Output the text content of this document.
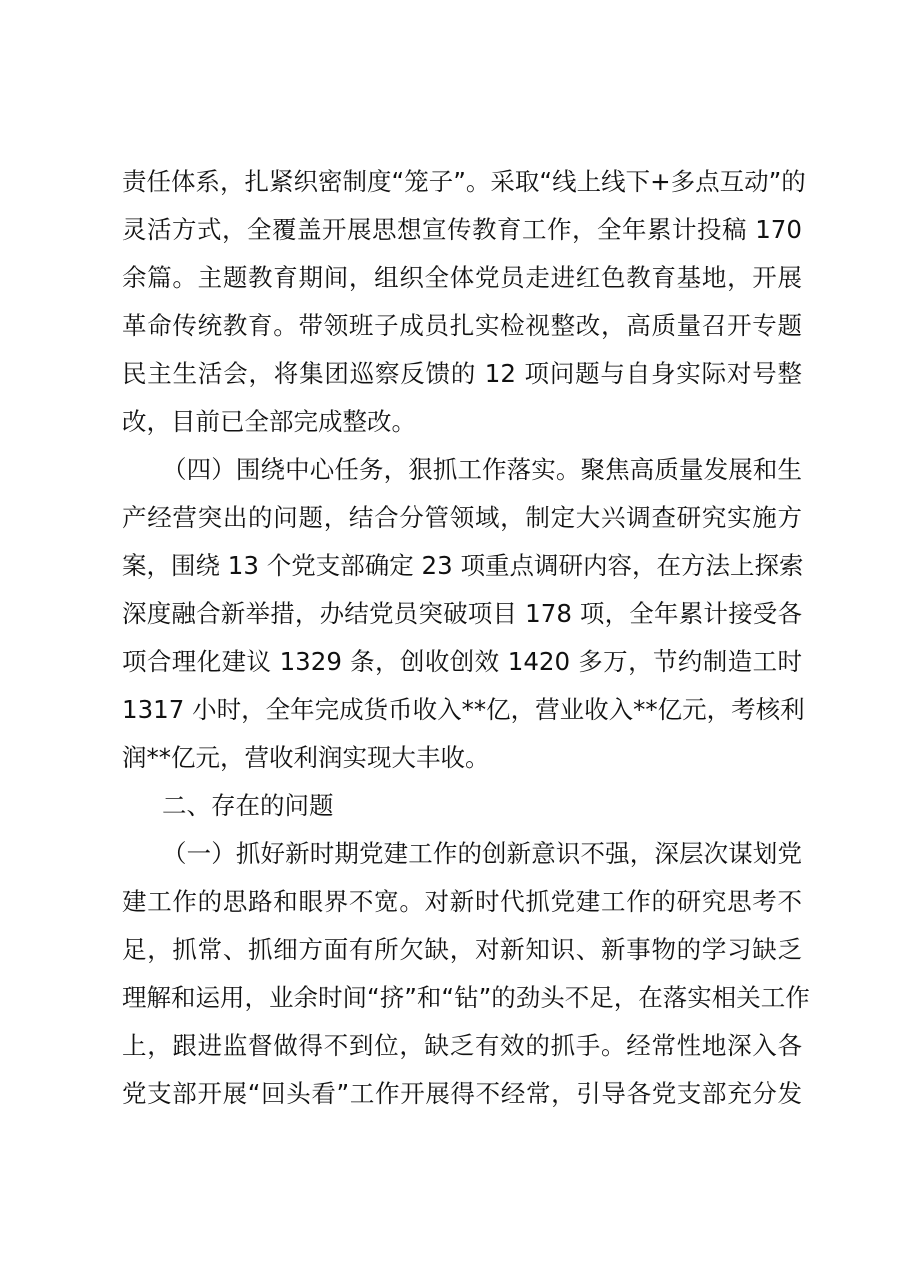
责任体系，扎紧织密制度“笼子”。采取“线上线下+多点互动”的
灵活方式，全覆盖开展思想宣传教育工作，全年累计投稿 170
余篇。主题教育期间，组织全体党员走进红色教育基地，开展
革命传统教育。带领班子成员扎实检视整改，高质量召开专题
民主生活会，将集团巡察反馈的 12 项问题与自身实际对号整
改，目前已全部完成整改。
（四）围绕中心任务，狠抓工作落实。聚焦高质量发展和生
产经营突出的问题，结合分管领域，制定大兴调查研究实施方
案，围绕 13 个党支部确定 23 项重点调研内容，在方法上探索
深度融合新举措，办结党员突破项目 178 项，全年累计接受各
项合理化建议 1329 条，创收创效 1420 多万，节约制造工时
1317 小时，全年完成货币收入**亿，营业收入**亿元，考核利
润**亿元，营收利润实现大丰收。
二、存在的问题
（一）抓好新时期党建工作的创新意识不强，深层次谋划党
建工作的思路和眼界不宽。对新时代抓党建工作的研究思考不
足，抓常、抓细方面有所欠缺，对新知识、新事物的学习缺乏
理解和运用，业余时间“挤”和“钻”的劲头不足，在落实相关工作
上，跟进监督做得不到位，缺乏有效的抓手。经常性地深入各
党支部开展“回头看”工作开展得不经常，引导各党支部充分发
